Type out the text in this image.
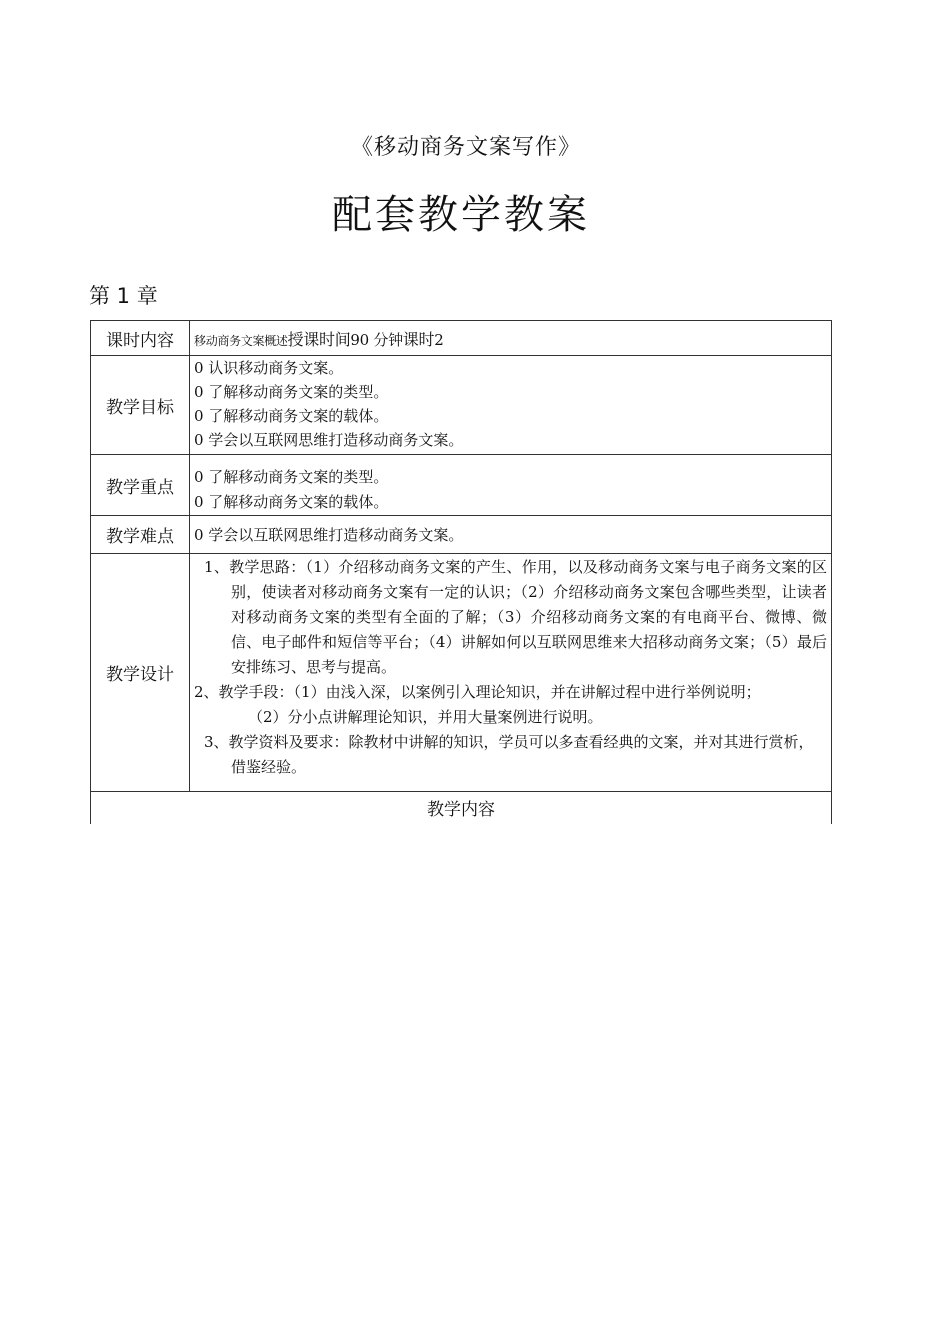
《移动商务文案写作》
配套教学教案
第 1 章
课时内容	移动商务文案概述授课时间90 分钟课时2
教学目标	0 认识移动商务文案。
0 了解移动商务文案的类型。
0 了解移动商务文案的载体。
0 学会以互联网思维打造移动商务文案。

教学重点	0 了解移动商务文案的类型。
0 了解移动商务文案的载体。

教学难点	0 学会以互联网思维打造移动商务文案。

教学设计	1、教学思路：（1）介绍移动商务文案的产生、作用，以及移动商务文案与电子商务文案的区别，使读者对移动商务文案有一定的认识；（2）介绍移动商务文案包含哪些类型，让读者对移动商务文案的类型有全面的了解；（3）介绍移动商务文案的有电商平台、微博、微信、电子邮件和短信等平台；（4）讲解如何以互联网思维来大招移动商务文案；（5）最后安排练习、思考与提高。
2、教学手段：（1）由浅入深，以案例引入理论知识，并在讲解过程中进行举例说明；
（2）分小点讲解理论知识，并用大量案例进行说明。
3、教学资料及要求：除教材中讲解的知识，学员可以多查看经典的文案，并对其进行赏析，借鉴经验。

教学内容	
